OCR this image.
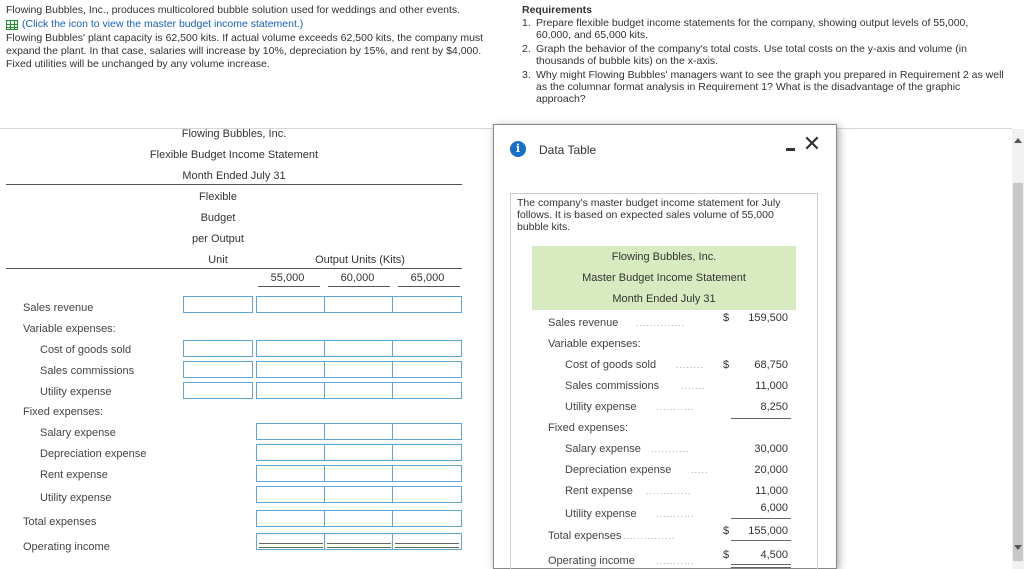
Flowing Bubbles, Inc., produces multicolored bubble solution used for weddings and other events.
(Click the icon to view the master budget income statement.)
Flowing Bubbles' plant capacity is 62,500 kits. If actual volume exceeds 62,500 kits, the company must
expand the plant. In that case, salaries will increase by 10%, depreciation by 15%, and rent by $4,000.
Fixed utilities will be unchanged by any volume increase.
Requirements
1. Prepare flexible budget income statements for the company, showing output levels of 55,000,
60,000, and 65,000 kits.
2. Graph the behavior of the company's total costs. Use total costs on the y-axis and volume (in
thousands of bubble kits) on the x-axis.
3. Why might Flowing Bubbles' managers want to see the graph you prepared in Requirement 2 as well
as the columnar format analysis in Requirement 1? What is the disadvantage of the graphic
approach?
Flowing Bubbles, Inc.
Flexible Budget Income Statement
Month Ended July 31
Flexible
Budget
per Output
Unit	Output Units (Kits)
55,000	60,000	65,000
Sales revenue
Variable expenses:
Cost of goods sold
Sales commissions
Utility expense
Fixed expenses:
Salary expense
Depreciation expense
Rent expense
Utility expense
Total expenses
Operating income
i	Data Table	✕
The company's master budget income statement for July follows. It is based on expected sales volume of 55,000 bubble kits.
Flowing Bubbles, Inc.
Master Budget Income Statement
Month Ended July 31
Sales revenue ..............	$	159,500
Variable expenses:
Cost of goods sold ........ $	68,750
Sales commissions .......	11,000
Utility expense ...........	8,250
Fixed expenses:
Salary expense ...........	30,000
Depreciation expense .....	20,000
Rent expense .............	11,000
Utility expense ...........	6,000
Total expenses ...............	$	155,000
Operating income ...........	$	4,500
